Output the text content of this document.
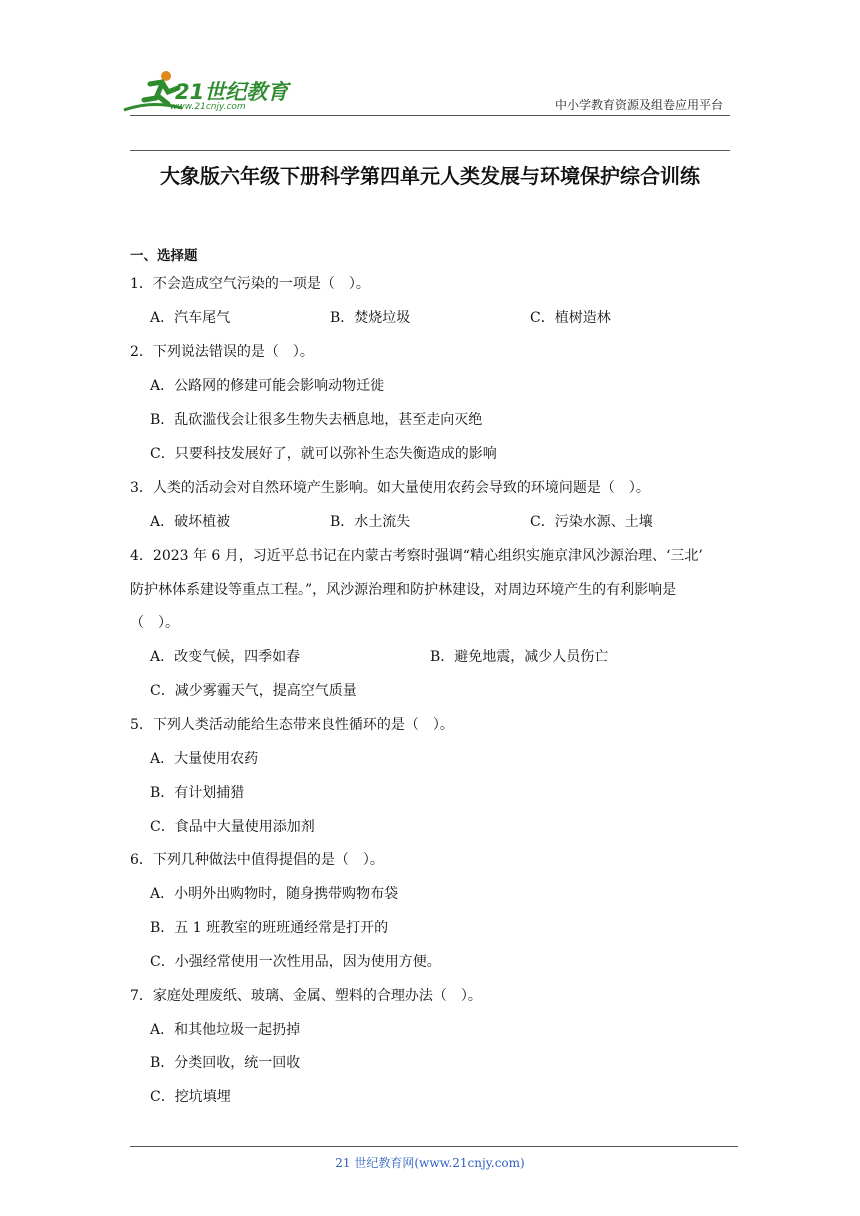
21世纪教育
www.21cnjy.com	中小学教育资源及组卷应用平台
大象版六年级下册科学第四单元人类发展与环境保护综合训练
一、选择题
1．不会造成空气污染的一项是（　）。
A．汽车尾气	B．焚烧垃圾	C．植树造林
2．下列说法错误的是（　）。
A．公路网的修建可能会影响动物迁徙
B．乱砍滥伐会让很多生物失去栖息地，甚至走向灭绝
C．只要科技发展好了，就可以弥补生态失衡造成的影响
3．人类的活动会对自然环境产生影响。如大量使用农药会导致的环境问题是（　）。
A．破坏植被	B．水土流失	C．污染水源、土壤
4．2023 年 6 月，习近平总书记在内蒙古考察时强调“精心组织实施京津风沙源治理、‘三北’
防护林体系建设等重点工程。”，风沙源治理和防护林建设，对周边环境产生的有利影响是
（　）。
A．改变气候，四季如春	B．避免地震，减少人员伤亡
C．减少雾霾天气，提高空气质量
5．下列人类活动能给生态带来良性循环的是（　）。
A．大量使用农药
B．有计划捕猎
C．食品中大量使用添加剂
6．下列几种做法中值得提倡的是（　）。
A．小明外出购物时，随身携带购物布袋
B．五 1 班教室的班班通经常是打开的
C．小强经常使用一次性用品，因为使用方便。
7．家庭处理废纸、玻璃、金属、塑料的合理办法（　）。
A．和其他垃圾一起扔掉
B．分类回收，统一回收
C．挖坑填埋
21 世纪教育网(www.21cnjy.com)
